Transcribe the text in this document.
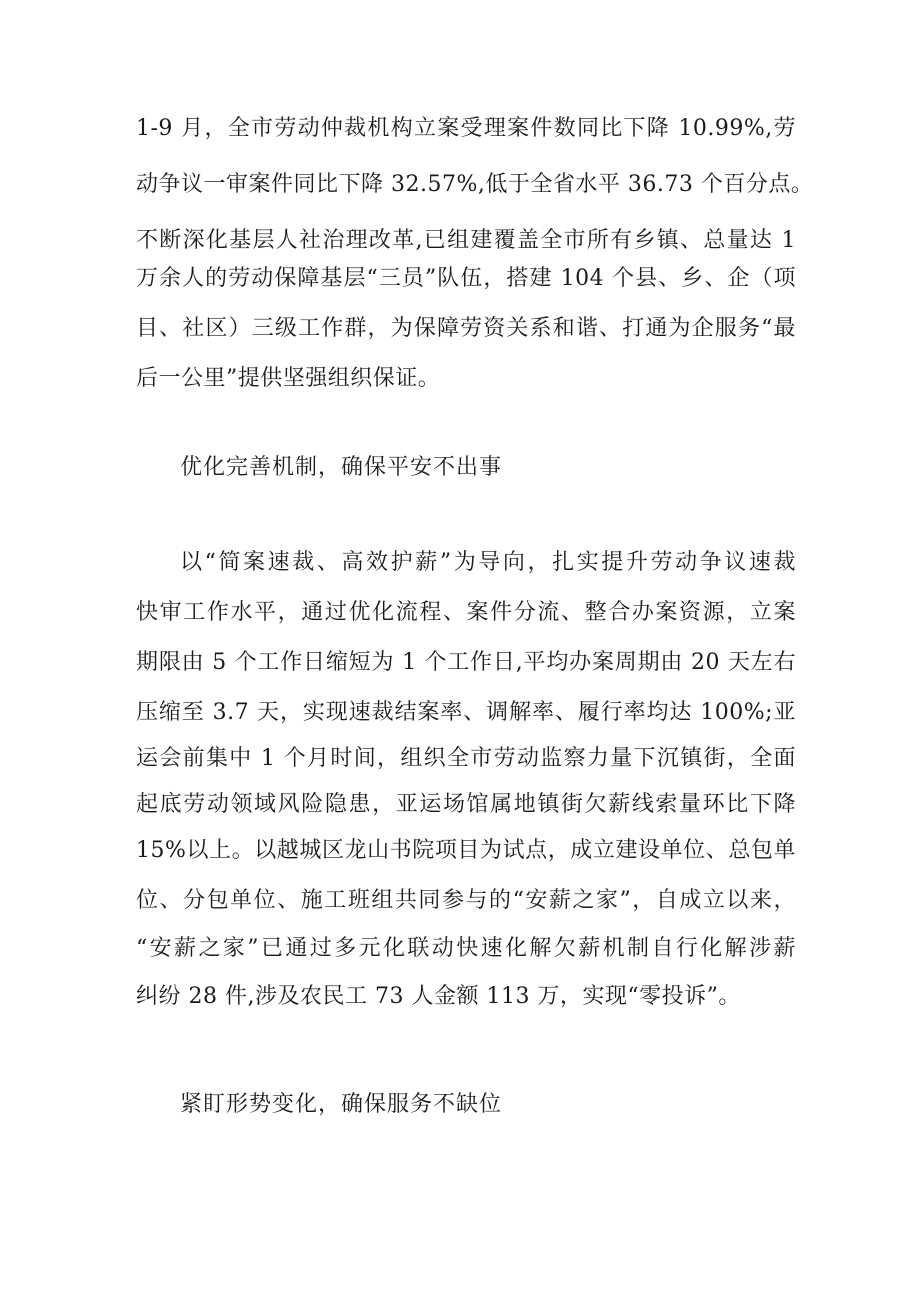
1-9 月，全市劳动仲裁机构立案受理案件数同比下降 10.99%,劳
动争议一审案件同比下降 32.57%,低于全省水平 36.73 个百分点。
不断深化基层人社治理改革,已组建覆盖全市所有乡镇、总量达 1
万余人的劳动保障基层“三员”队伍，搭建 104 个县、乡、企（项
目、社区）三级工作群，为保障劳资关系和谐、打通为企服务“最
后一公里”提供坚强组织保证。
优化完善机制，确保平安不出事
以“简案速裁、高效护薪”为导向，扎实提升劳动争议速裁
快审工作水平，通过优化流程、案件分流、整合办案资源，立案
期限由 5 个工作日缩短为 1 个工作日,平均办案周期由 20 天左右
压缩至 3.7 天，实现速裁结案率、调解率、履行率均达 100%;亚
运会前集中 1 个月时间，组织全市劳动监察力量下沉镇街，全面
起底劳动领域风险隐患，亚运场馆属地镇街欠薪线索量环比下降
15%以上。以越城区龙山书院项目为试点，成立建设单位、总包单
位、分包单位、施工班组共同参与的“安薪之家”，自成立以来，
“安薪之家”已通过多元化联动快速化解欠薪机制自行化解涉薪
纠纷 28 件,涉及农民工 73 人金额 113 万，实现“零投诉”。
紧盯形势变化，确保服务不缺位
